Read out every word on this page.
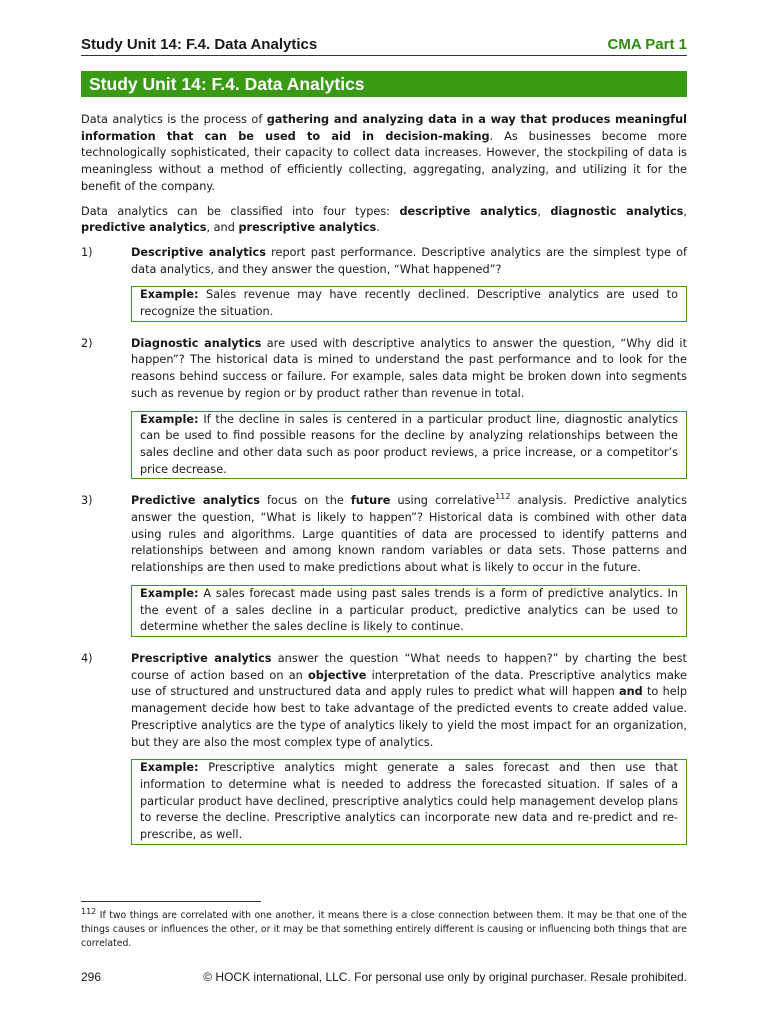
Study Unit 14: F.4. Data Analytics	CMA Part 1
Study Unit 14: F.4. Data Analytics

Data analytics is the process of gathering and analyzing data in a way that produces meaningful information that can be used to aid in decision-making. As businesses become more technologically sophisticated, their capacity to collect data increases. However, the stockpiling of data is meaningless without a method of efficiently collecting, aggregating, analyzing, and utilizing it for the benefit of the company.

Data analytics can be classified into four types: descriptive analytics, diagnostic analytics, predictive analytics, and prescriptive analytics.

1)	Descriptive analytics report past performance. Descriptive analytics are the simplest type of data analytics, and they answer the question, “What happened”?
Example: Sales revenue may have recently declined. Descriptive analytics are used to recognize the situation.
2)	Diagnostic analytics are used with descriptive analytics to answer the question, “Why did it happen”? The historical data is mined to understand the past performance and to look for the reasons behind success or failure. For example, sales data might be broken down into segments such as revenue by region or by product rather than revenue in total.
Example: If the decline in sales is centered in a particular product line, diagnostic analytics can be used to find possible reasons for the decline by analyzing relationships between the sales decline and other data such as poor product reviews, a price increase, or a competitor’s price decrease.
3)	Predictive analytics focus on the future using correlative$^{112}$ analysis. Predictive analytics answer the question, “What is likely to happen”? Historical data is combined with other data using rules and algorithms. Large quantities of data are processed to identify patterns and relationships between and among known random variables or data sets. Those patterns and relationships are then used to make predictions about what is likely to occur in the future.
Example: A sales forecast made using past sales trends is a form of predictive analytics. In the event of a sales decline in a particular product, predictive analytics can be used to determine whether the sales decline is likely to continue.
4)	Prescriptive analytics answer the question “What needs to happen?” by charting the best course of action based on an objective interpretation of the data. Prescriptive analytics make use of structured and unstructured data and apply rules to predict what will happen and to help management decide how best to take advantage of the predicted events to create added value. Prescriptive analytics are the type of analytics likely to yield the most impact for an organization, but they are also the most complex type of analytics.
Example: Prescriptive analytics might generate a sales forecast and then use that information to determine what is needed to address the forecasted situation. If sales of a particular product have declined, prescriptive analytics could help management develop plans to reverse the decline. Prescriptive analytics can incorporate new data and re-predict and re-prescribe, as well.
$^{112}$ If two things are correlated with one another, it means there is a close connection between them. It may be that one of the things causes or influences the other, or it may be that something entirely different is causing or influencing both things that are correlated.
296	© HOCK international, LLC. For personal use only by original purchaser. Resale prohibited.
